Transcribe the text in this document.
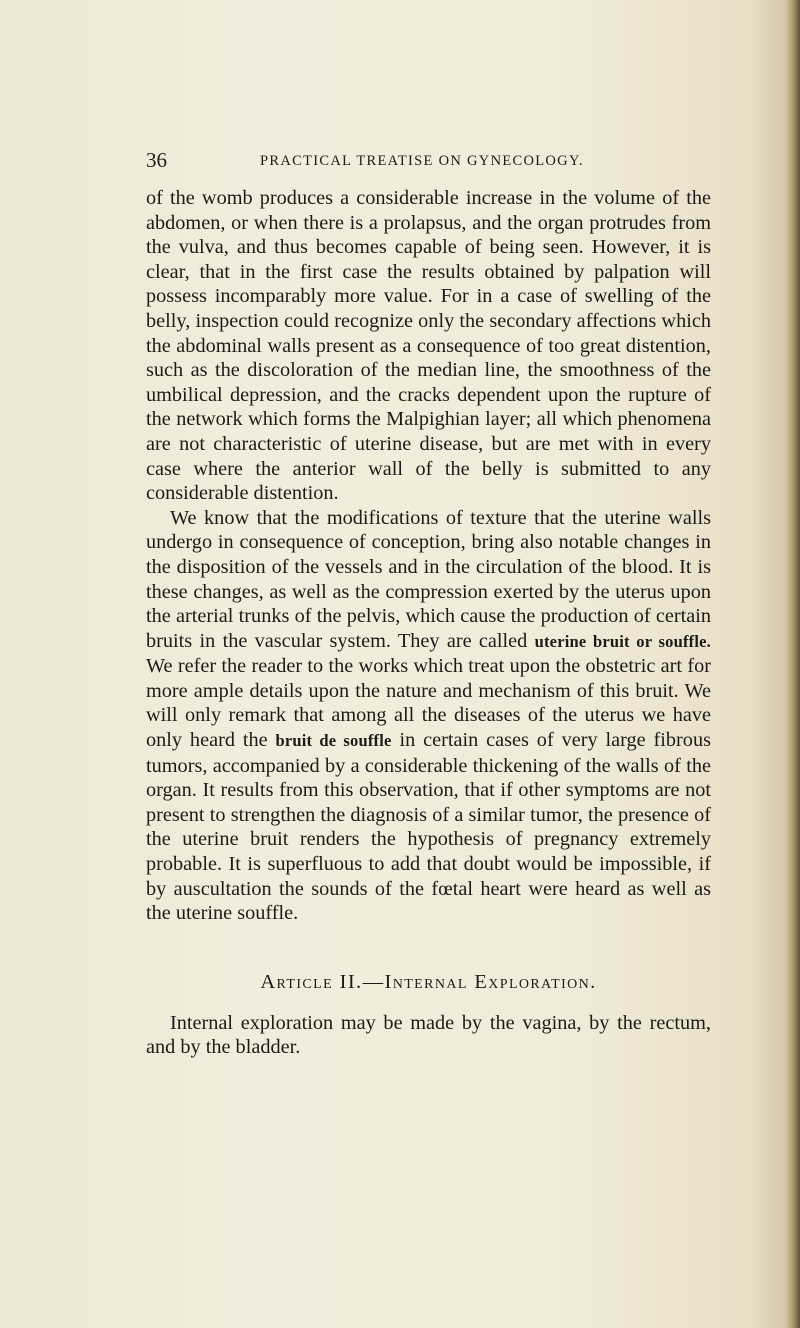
36	PRACTICAL TREATISE ON GYNECOLOGY.

of the womb produces a considerable increase in the volume of the abdomen, or when there is a prolapsus, and the organ protrudes from the vulva, and thus becomes capable of being seen. However, it is clear, that in the first case the results obtained by palpation will possess incomparably more value. For in a case of swelling of the belly, inspection could recognize only the secondary affections which the abdominal walls present as a consequence of too great distention, such as the discoloration of the median line, the smoothness of the umbilical depression, and the cracks dependent upon the rupture of the network which forms the Malpighian layer; all which phenomena are not characteristic of uterine disease, but are met with in every case where the anterior wall of the belly is submitted to any considerable distention.

We know that the modifications of texture that the uterine walls undergo in consequence of conception, bring also notable changes in the disposition of the vessels and in the circulation of the blood. It is these changes, as well as the compression exerted by the uterus upon the arterial trunks of the pelvis, which cause the production of certain bruits in the vascular system. They are called uterine bruit or souffle. We refer the reader to the works which treat upon the obstetric art for more ample details upon the nature and mechanism of this bruit. We will only remark that among all the diseases of the uterus we have only heard the bruit de souffle in certain cases of very large fibrous tumors, accompanied by a considerable thickening of the walls of the organ. It results from this observation, that if other symptoms are not present to strengthen the diagnosis of a similar tumor, the presence of the uterine bruit renders the hypothesis of pregnancy extremely probable. It is superfluous to add that doubt would be impossible, if by auscultation the sounds of the fœtal heart were heard as well as the uterine souffle.

Article II.—Internal Exploration.

Internal exploration may be made by the vagina, by the rectum, and by the bladder.
